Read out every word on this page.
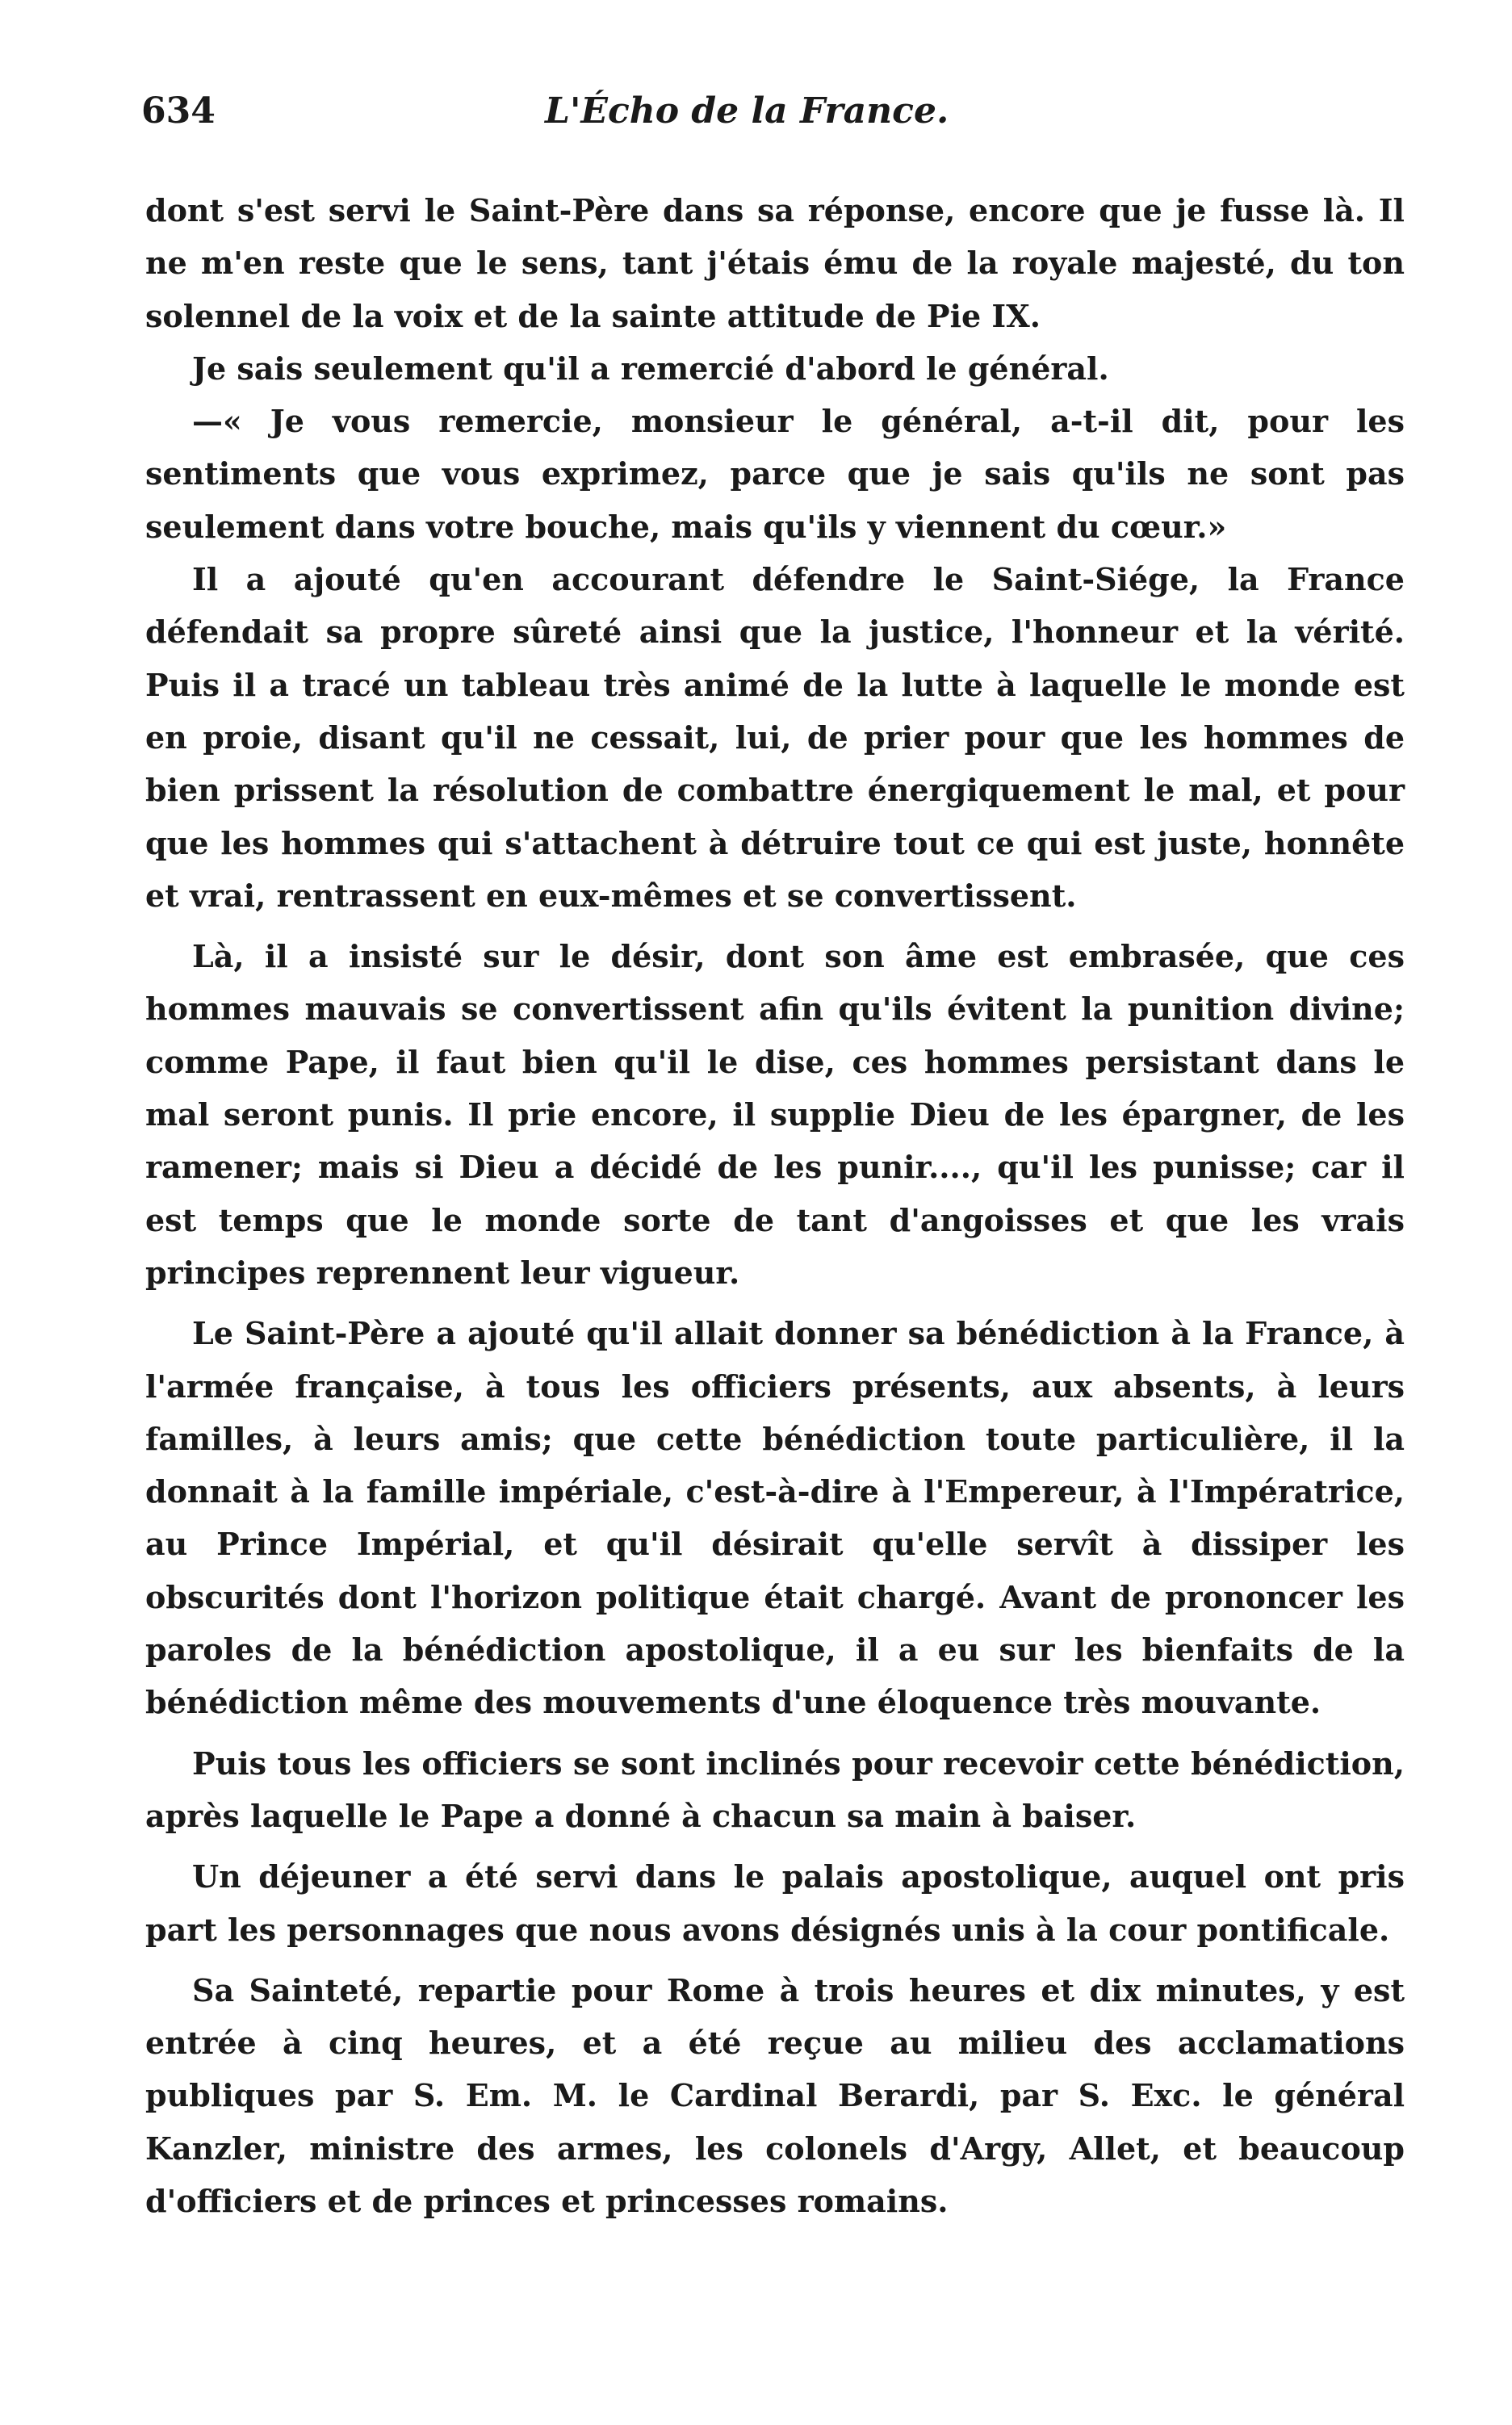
634	L'Écho de la France.

dont s'est servi le Saint-Père dans sa réponse, encore que je fusse là. Il ne m'en reste que le sens, tant j'étais ému de la royale majesté, du ton solennel de la voix et de la sainte attitude de Pie IX.

Je sais seulement qu'il a remercié d'abord le général.

—« Je vous remercie, monsieur le général, a-t-il dit, pour les sentiments que vous exprimez, parce que je sais qu'ils ne sont pas seulement dans votre bouche, mais qu'ils y viennent du cœur.»

Il a ajouté qu'en accourant défendre le Saint-Siége, la France défendait sa propre sûreté ainsi que la justice, l'honneur et la vérité. Puis il a tracé un tableau très animé de la lutte à laquelle le monde est en proie, disant qu'il ne cessait, lui, de prier pour que les hommes de bien prissent la résolution de combattre énergiquement le mal, et pour que les hommes qui s'attachent à détruire tout ce qui est juste, honnête et vrai, rentrassent en eux-mêmes et se convertissent.

Là, il a insisté sur le désir, dont son âme est embrasée, que ces hommes mauvais se convertissent afin qu'ils évitent la punition divine; comme Pape, il faut bien qu'il le dise, ces hommes persistant dans le mal seront punis. Il prie encore, il supplie Dieu de les épargner, de les ramener; mais si Dieu a décidé de les punir...., qu'il les punisse; car il est temps que le monde sorte de tant d'angoisses et que les vrais principes reprennent leur vigueur.

Le Saint-Père a ajouté qu'il allait donner sa bénédiction à la France, à l'armée française, à tous les officiers présents, aux absents, à leurs familles, à leurs amis; que cette bénédiction toute particulière, il la donnait à la famille impériale, c'est-à-dire à l'Empereur, à l'Impératrice, au Prince Impérial, et qu'il désirait qu'elle servît à dissiper les obscurités dont l'horizon politique était chargé. Avant de prononcer les paroles de la bénédiction apostolique, il a eu sur les bienfaits de la bénédiction même des mouvements d'une éloquence très mouvante.

Puis tous les officiers se sont inclinés pour recevoir cette bénédiction, après laquelle le Pape a donné à chacun sa main à baiser.

Un déjeuner a été servi dans le palais apostolique, auquel ont pris part les personnages que nous avons désignés unis à la cour pontificale.

Sa Sainteté, repartie pour Rome à trois heures et dix minutes, y est entrée à cinq heures, et a été reçue au milieu des acclamations publiques par S. Em. M. le Cardinal Berardi, par S. Exc. le général Kanzler, ministre des armes, les colonels d'Argy, Allet, et beaucoup d'officiers et de princes et princesses romains.
